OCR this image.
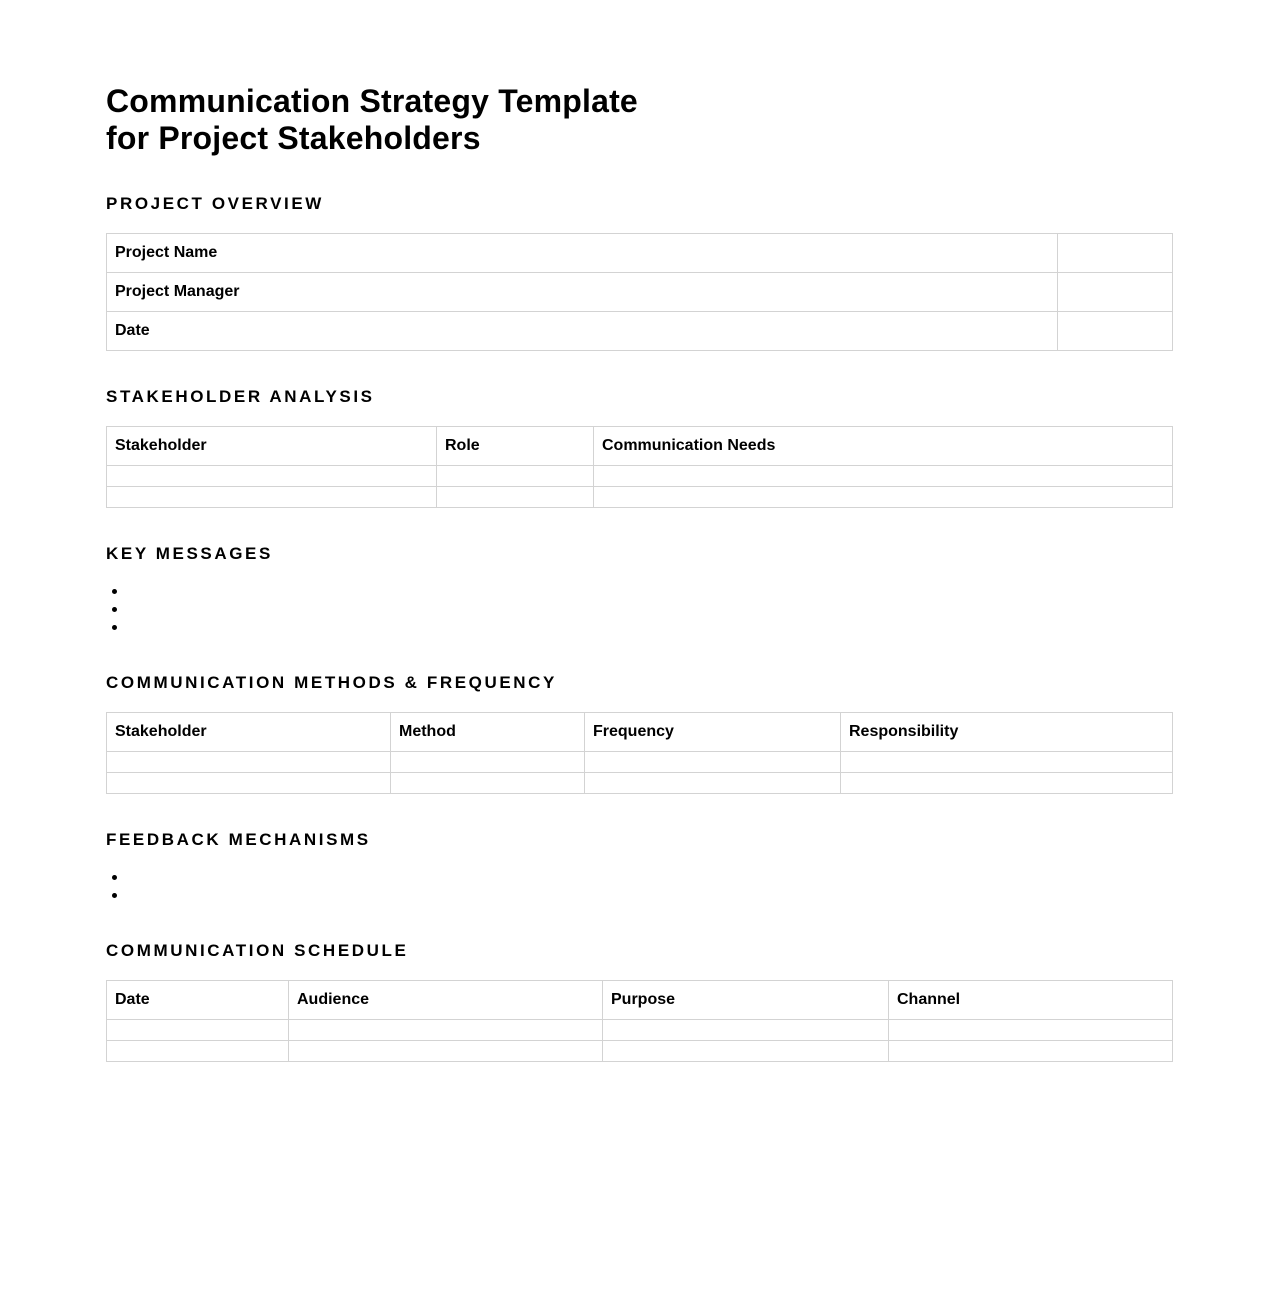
Communication Strategy Template
for Project Stakeholders
PROJECT OVERVIEW
Project Name	
Project Manager	
Date	
STAKEHOLDER ANALYSIS
Stakeholder	Role	Communication Needs

KEY MESSAGES
COMMUNICATION METHODS & FREQUENCY
Stakeholder	Method	Frequency	Responsibility

FEEDBACK MECHANISMS
COMMUNICATION SCHEDULE
Date	Audience	Purpose	Channel
